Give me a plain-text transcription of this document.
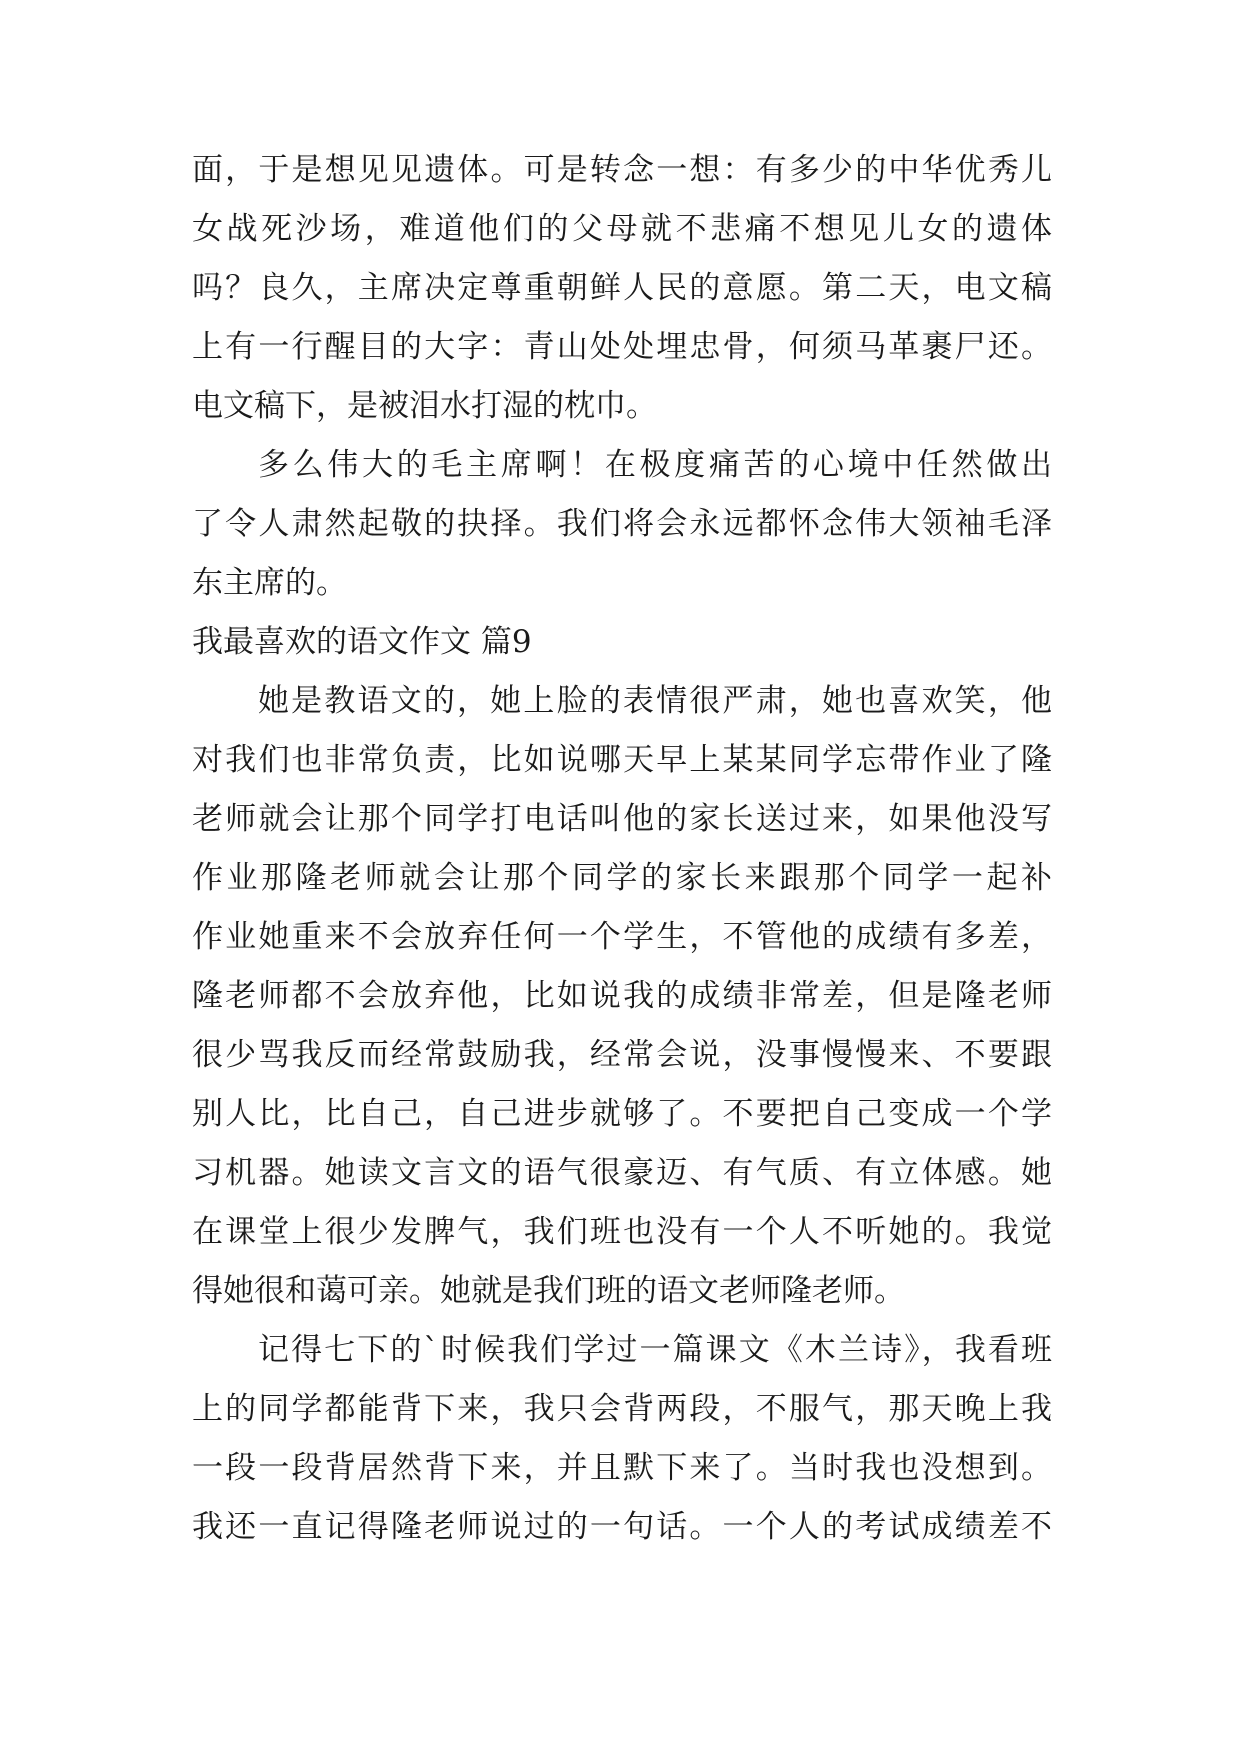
面，于是想见见遗体。可是转念一想：有多少的中华优秀儿
女战死沙场，难道他们的父母就不悲痛不想见儿女的遗体
吗？良久，主席决定尊重朝鲜人民的意愿。第二天，电文稿
上有一行醒目的大字：青山处处埋忠骨，何须马革裹尸还。
电文稿下，是被泪水打湿的枕巾。
多么伟大的毛主席啊！在极度痛苦的心境中任然做出
了令人肃然起敬的抉择。我们将会永远都怀念伟大领袖毛泽
东主席的。
我最喜欢的语文作文 篇9
她是教语文的，她上脸的表情很严肃，她也喜欢笑，他
对我们也非常负责，比如说哪天早上某某同学忘带作业了隆
老师就会让那个同学打电话叫他的家长送过来，如果他没写
作业那隆老师就会让那个同学的家长来跟那个同学一起补
作业她重来不会放弃任何一个学生，不管他的成绩有多差，
隆老师都不会放弃他，比如说我的成绩非常差，但是隆老师
很少骂我反而经常鼓励我，经常会说，没事慢慢来、不要跟
别人比，比自己，自己进步就够了。不要把自己变成一个学
习机器。她读文言文的语气很豪迈、有气质、有立体感。她
在课堂上很少发脾气，我们班也没有一个人不听她的。我觉
得她很和蔼可亲。她就是我们班的语文老师隆老师。
记得七下的`时候我们学过一篇课文《木兰诗》，我看班
上的同学都能背下来，我只会背两段，不服气，那天晚上我
一段一段背居然背下来，并且默下来了。当时我也没想到。
我还一直记得隆老师说过的一句话。一个人的考试成绩差不
